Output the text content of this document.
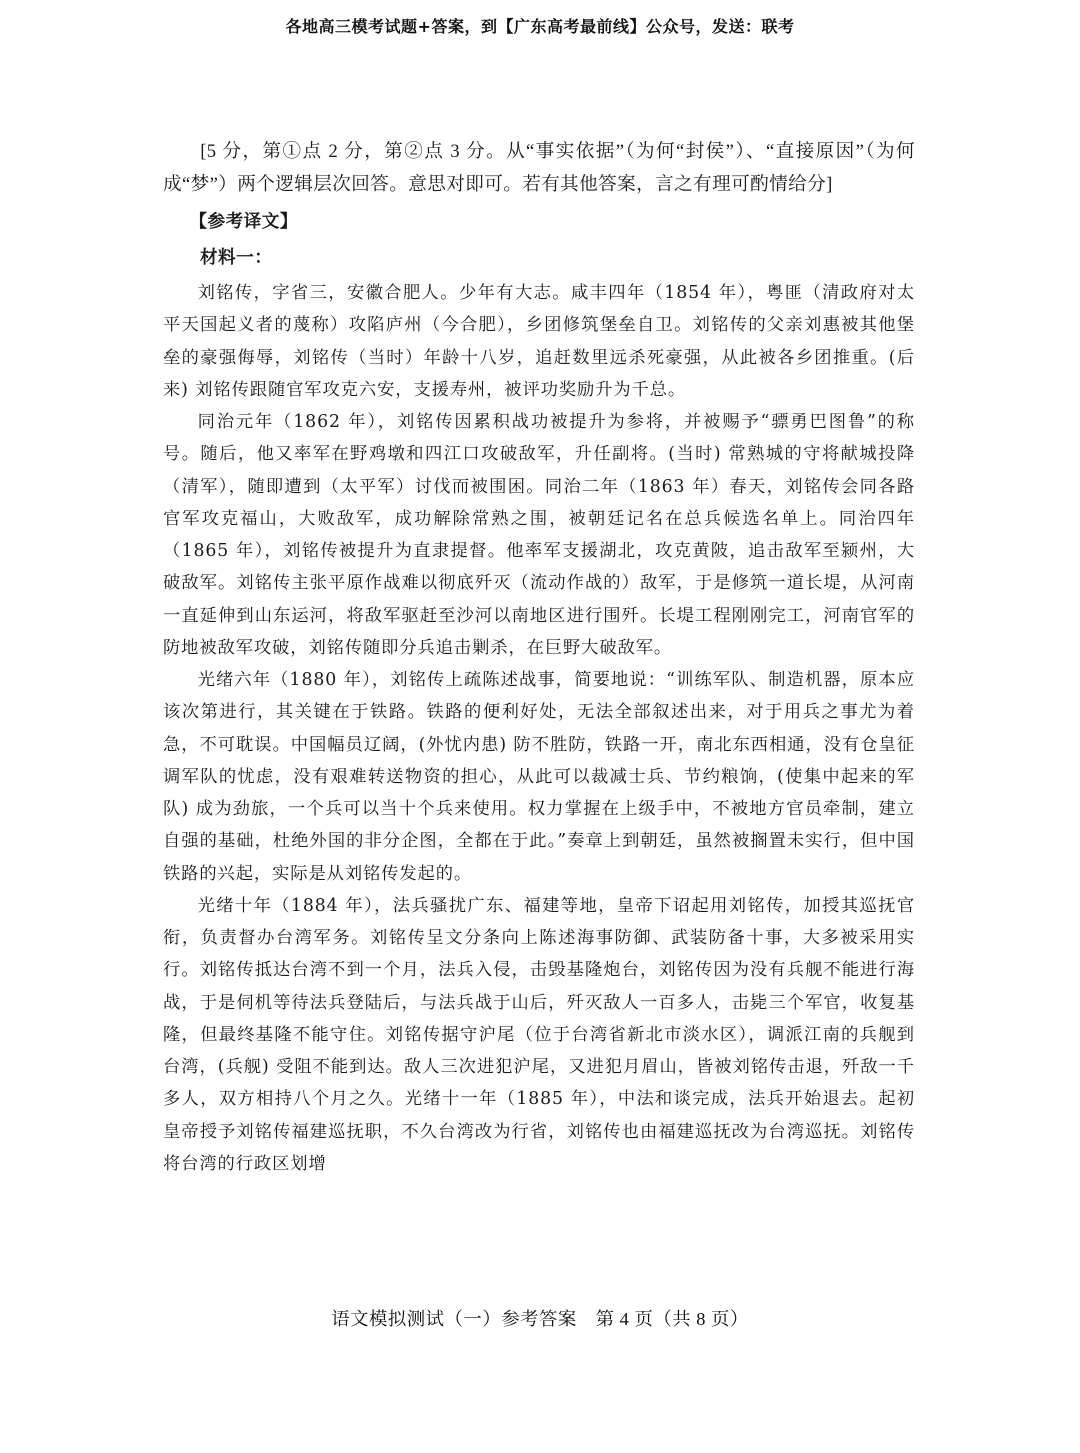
各地高三模考试题+答案，到【广东高考最前线】公众号，发送：联考

[5 分，第①点 2 分，第②点 3 分。从“事实依据”（为何“封侯”）、“直接原因”（为何成“梦”）两个逻辑层次回答。意思对即可。若有其他答案，言之有理可酌情给分]

【参考译文】
材料一：

刘铭传，字省三，安徽合肥人。少年有大志。咸丰四年（1854 年），粤匪（清政府对太平天国起义者的蔑称）攻陷庐州（今合肥），乡团修筑堡垒自卫。刘铭传的父亲刘惠被其他堡垒的豪强侮辱，刘铭传（当时）年龄十八岁，追赶数里远杀死豪强，从此被各乡团推重。(后来) 刘铭传跟随官军攻克六安，支援寿州，被评功奖励升为千总。

同治元年（1862 年），刘铭传因累积战功被提升为参将，并被赐予“骠勇巴图鲁”的称号。随后，他又率军在野鸡墩和四江口攻破敌军，升任副将。(当时) 常熟城的守将献城投降（清军），随即遭到（太平军）讨伐而被围困。同治二年（1863 年）春天，刘铭传会同各路官军攻克福山，大败敌军，成功解除常熟之围，被朝廷记名在总兵候选名单上。同治四年（1865 年），刘铭传被提升为直隶提督。他率军支援湖北，攻克黄陂，追击敌军至颍州，大破敌军。刘铭传主张平原作战难以彻底歼灭（流动作战的）敌军，于是修筑一道长堤，从河南一直延伸到山东运河，将敌军驱赶至沙河以南地区进行围歼。长堤工程刚刚完工，河南官军的防地被敌军攻破，刘铭传随即分兵追击剿杀，在巨野大破敌军。

光绪六年（1880 年），刘铭传上疏陈述战事，简要地说：“训练军队、制造机器，原本应该次第进行，其关键在于铁路。铁路的便利好处，无法全部叙述出来，对于用兵之事尤为着急，不可耽误。中国幅员辽阔，(外忧内患) 防不胜防，铁路一开，南北东西相通，没有仓皇征调军队的忧虑，没有艰难转送物资的担心，从此可以裁减士兵、节约粮饷，(使集中起来的军队) 成为劲旅，一个兵可以当十个兵来使用。权力掌握在上级手中，不被地方官员牵制，建立自强的基础，杜绝外国的非分企图，全都在于此。”奏章上到朝廷，虽然被搁置未实行，但中国铁路的兴起，实际是从刘铭传发起的。

光绪十年（1884 年），法兵骚扰广东、福建等地，皇帝下诏起用刘铭传，加授其巡抚官衔，负责督办台湾军务。刘铭传呈文分条向上陈述海事防御、武装防备十事，大多被采用实行。刘铭传抵达台湾不到一个月，法兵入侵，击毁基隆炮台，刘铭传因为没有兵舰不能进行海战，于是伺机等待法兵登陆后，与法兵战于山后，歼灭敌人一百多人，击毙三个军官，收复基隆，但最终基隆不能守住。刘铭传据守沪尾（位于台湾省新北市淡水区），调派江南的兵舰到台湾，(兵舰) 受阻不能到达。敌人三次进犯沪尾，又进犯月眉山，皆被刘铭传击退，歼敌一千多人，双方相持八个月之久。光绪十一年（1885 年），中法和谈完成，法兵开始退去。起初皇帝授予刘铭传福建巡抚职，不久台湾改为行省，刘铭传也由福建巡抚改为台湾巡抚。刘铭传将台湾的行政区划增

语文模拟测试（一）参考答案　第 4 页（共 8 页）
